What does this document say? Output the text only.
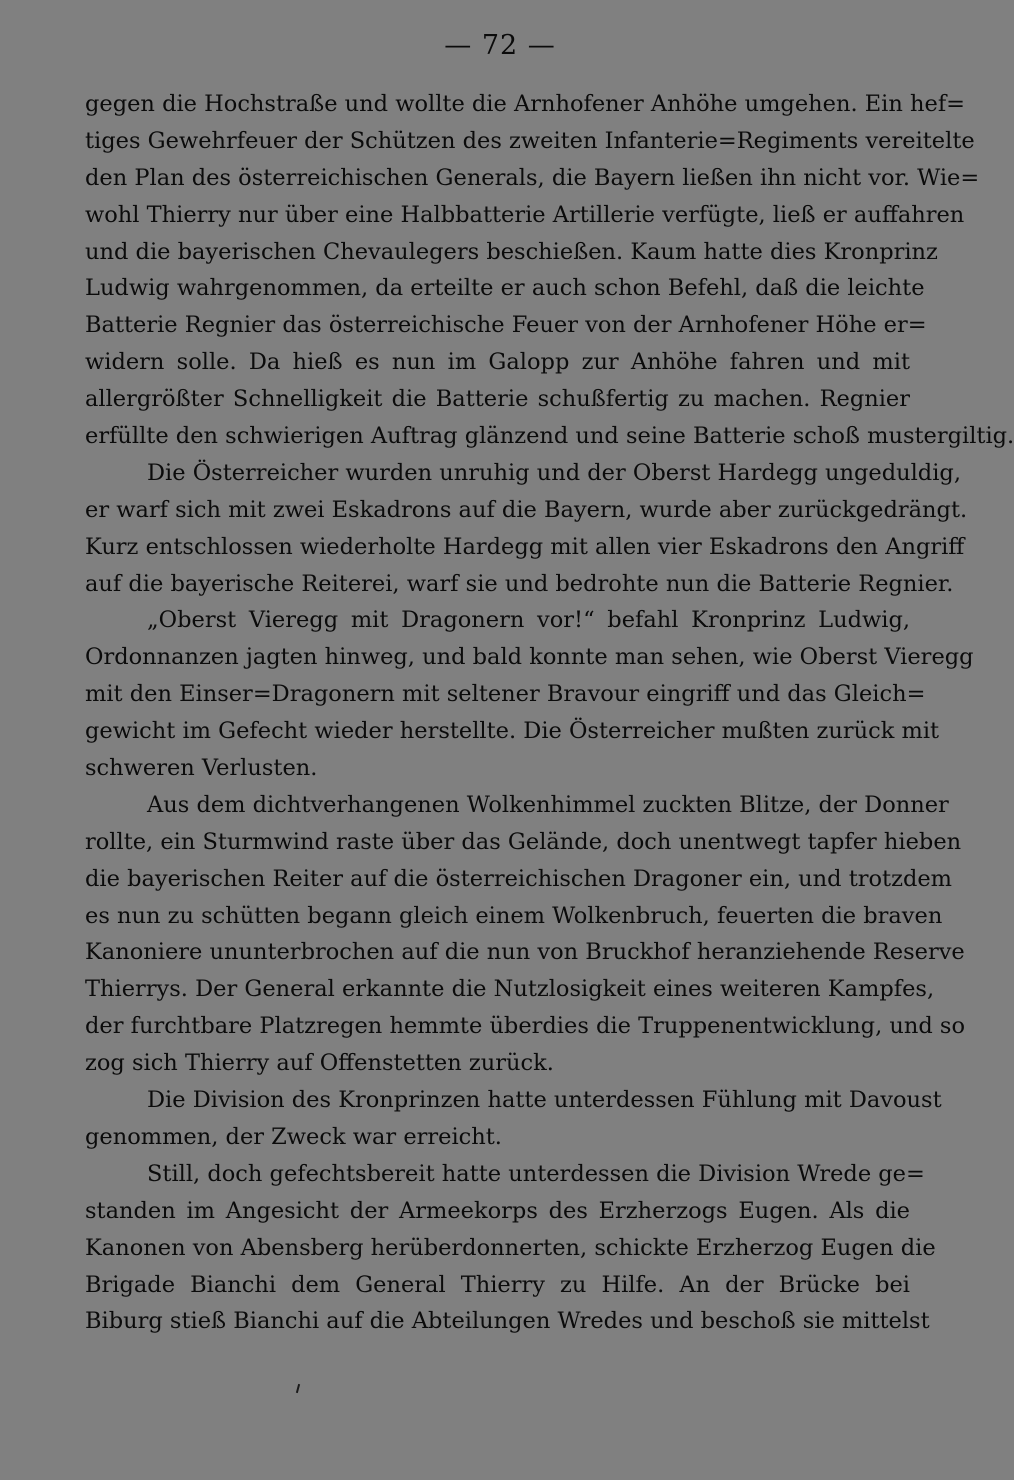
— 72 —
gegen die Hochstraße und wollte die Arnhofener Anhöhe umgehen. Ein hef=
tiges Gewehrfeuer der Schützen des zweiten Infanterie=Regiments vereitelte
den Plan des österreichischen Generals, die Bayern ließen ihn nicht vor. Wie=
wohl Thierry nur über eine Halbbatterie Artillerie verfügte, ließ er auffahren
und die bayerischen Chevaulegers beschießen. Kaum hatte dies Kronprinz
Ludwig wahrgenommen, da erteilte er auch schon Befehl, daß die leichte
Batterie Regnier das österreichische Feuer von der Arnhofener Höhe er=
widern solle. Da hieß es nun im Galopp zur Anhöhe fahren und mit
allergrößter Schnelligkeit die Batterie schußfertig zu machen. Regnier
erfüllte den schwierigen Auftrag glänzend und seine Batterie schoß mustergiltig.
Die Österreicher wurden unruhig und der Oberst Hardegg ungeduldig,
er warf sich mit zwei Eskadrons auf die Bayern, wurde aber zurückgedrängt.
Kurz entschlossen wiederholte Hardegg mit allen vier Eskadrons den Angriff
auf die bayerische Reiterei, warf sie und bedrohte nun die Batterie Regnier.
„Oberst Vieregg mit Dragonern vor!“ befahl Kronprinz Ludwig,
Ordonnanzen jagten hinweg, und bald konnte man sehen, wie Oberst Vieregg
mit den Einser=Dragonern mit seltener Bravour eingriff und das Gleich=
gewicht im Gefecht wieder herstellte. Die Österreicher mußten zurück mit
schweren Verlusten.
Aus dem dichtverhangenen Wolkenhimmel zuckten Blitze, der Donner
rollte, ein Sturmwind raste über das Gelände, doch unentwegt tapfer hieben
die bayerischen Reiter auf die österreichischen Dragoner ein, und trotzdem
es nun zu schütten begann gleich einem Wolkenbruch, feuerten die braven
Kanoniere ununterbrochen auf die nun von Bruckhof heranziehende Reserve
Thierrys. Der General erkannte die Nutzlosigkeit eines weiteren Kampfes,
der furchtbare Platzregen hemmte überdies die Truppenentwicklung, und so
zog sich Thierry auf Offenstetten zurück.
Die Division des Kronprinzen hatte unterdessen Fühlung mit Davoust
genommen, der Zweck war erreicht.
Still, doch gefechtsbereit hatte unterdessen die Division Wrede ge=
standen im Angesicht der Armeekorps des Erzherzogs Eugen. Als die
Kanonen von Abensberg herüberdonnerten, schickte Erzherzog Eugen die
Brigade Bianchi dem General Thierry zu Hilfe. An der Brücke bei
Biburg stieß Bianchi auf die Abteilungen Wredes und beschoß sie mittelst
